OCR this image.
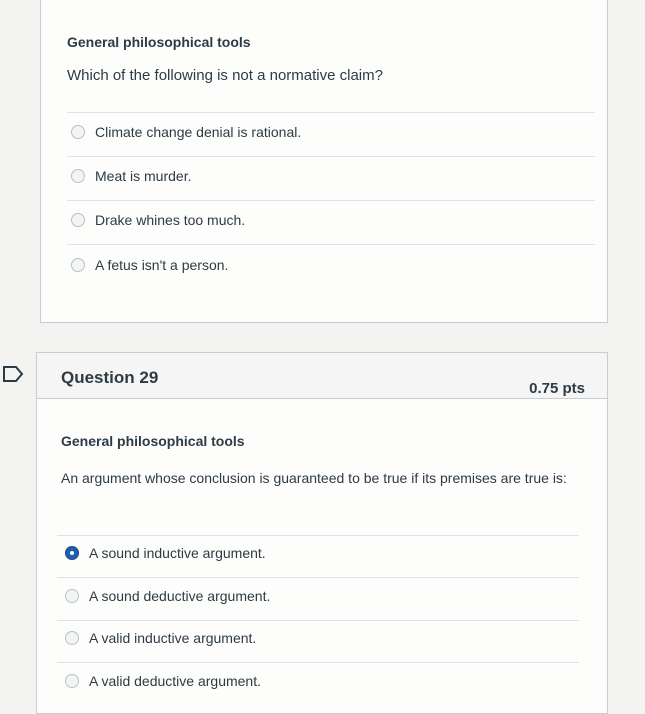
General philosophical tools
Which of the following is not a normative claim?
Climate change denial is rational.
Meat is murder.
Drake whines too much.
A fetus isn't a person.
Question 29
0.75 pts
General philosophical tools
An argument whose conclusion is guaranteed to be true if its premises are true is:
A sound inductive argument.
A sound deductive argument.
A valid inductive argument.
A valid deductive argument.
